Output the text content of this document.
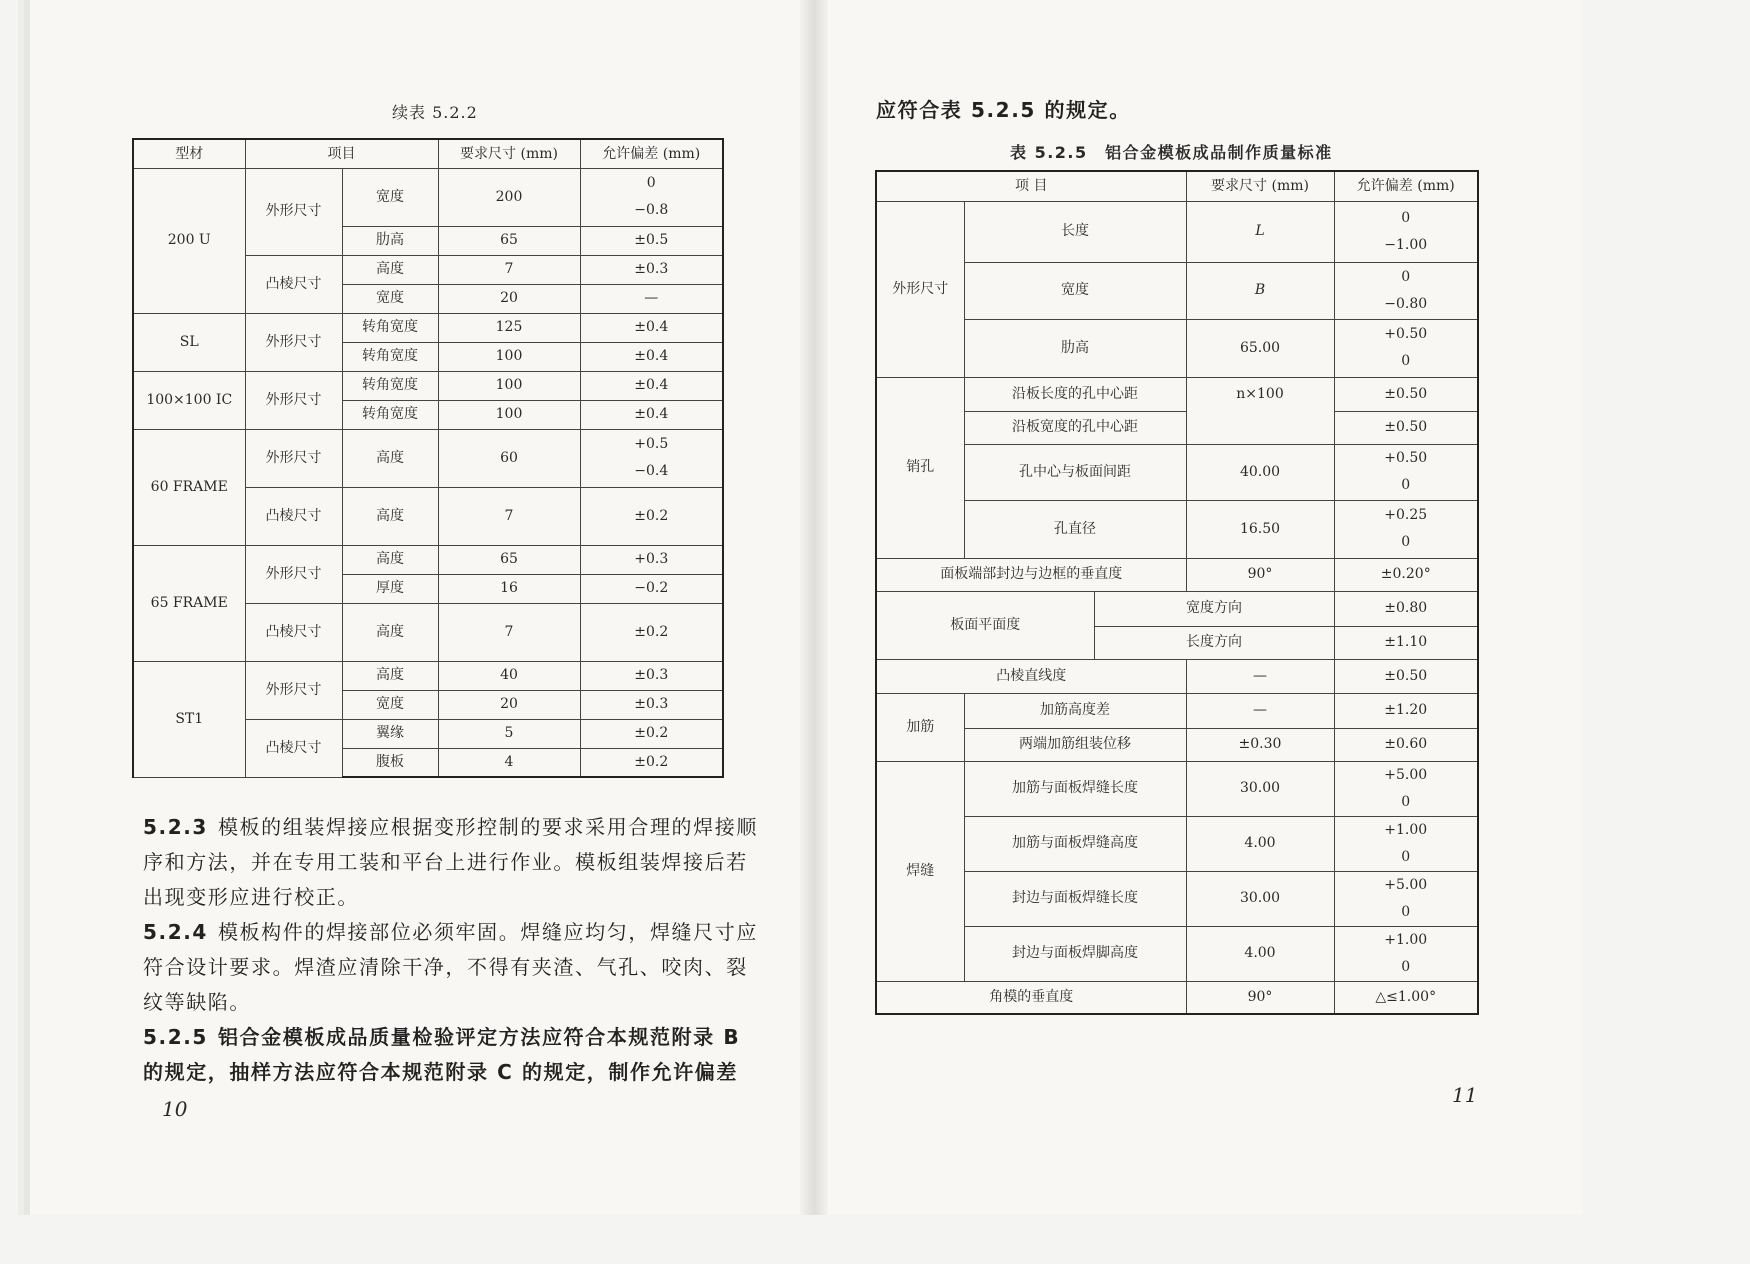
续表 5.2.2
型材	项目		要求尺寸 (mm)	允许偏差 (mm)
200 U	外形尺寸	宽度	200	0
−0.8

		肋高	65	±0.5
	凸棱尺寸	高度	7	±0.3
		宽度	20	—
SL	外形尺寸	转角宽度	125	±0.4
		转角宽度	100	±0.4
100×100 IC	外形尺寸	转角宽度	100	±0.4
		转角宽度	100	±0.4
60 FRAME	外形尺寸	高度	60	+0.5
−0.4

	凸棱尺寸	高度	7	±0.2
65 FRAME	外形尺寸	高度	65	+0.3
		厚度	16	−0.2
	凸棱尺寸	高度	7	±0.2
ST1	外形尺寸	高度	40	±0.3
		宽度	20	±0.3
	凸棱尺寸	翼缘	5	±0.2
		腹板	4	±0.2
5.2.3 模板的组装焊接应根据变形控制的要求采用合理的焊接顺序和方法，并在专用工装和平台上进行作业。模板组装焊接后若出现变形应进行校正。
5.2.4 模板构件的焊接部位必须牢固。焊缝应均匀，焊缝尺寸应符合设计要求。焊渣应清除干净，不得有夹渣、气孔、咬肉、裂纹等缺陷。
5.2.5 铝合金模板成品质量检验评定方法应符合本规范附录 B 的规定，抽样方法应符合本规范附录 C 的规定，制作允许偏差
10
应符合表 5.2.5 的规定。
表 5.2.5　铝合金模板成品制作质量标准
项 目			要求尺寸 (mm)	允许偏差 (mm)
外形尺寸	长度		L	0
−1.00

	宽度		B	0
−0.80

	肋高		65.00	+0.50
0

销孔	沿板长度的孔中心距		n×100	±0.50
	沿板宽度的孔中心距			±0.50
	孔中心与板面间距		40.00	+0.50
0

	孔直径		16.50	+0.25
0

面板端部封边与边框的垂直度			90°	±0.20°
板面平面度		宽度方向		±0.80
		长度方向		±1.10
凸棱直线度			—	±0.50
加筋	加筋高度差		—	±1.20
	两端加筋组装位移		±0.30	±0.60
焊缝	加筋与面板焊缝长度		30.00	+5.00
0

	加筋与面板焊缝高度		4.00	+1.00
0

	封边与面板焊缝长度		30.00	+5.00
0

	封边与面板焊脚高度		4.00	+1.00
0

角模的垂直度			90°	△≤1.00°
11
